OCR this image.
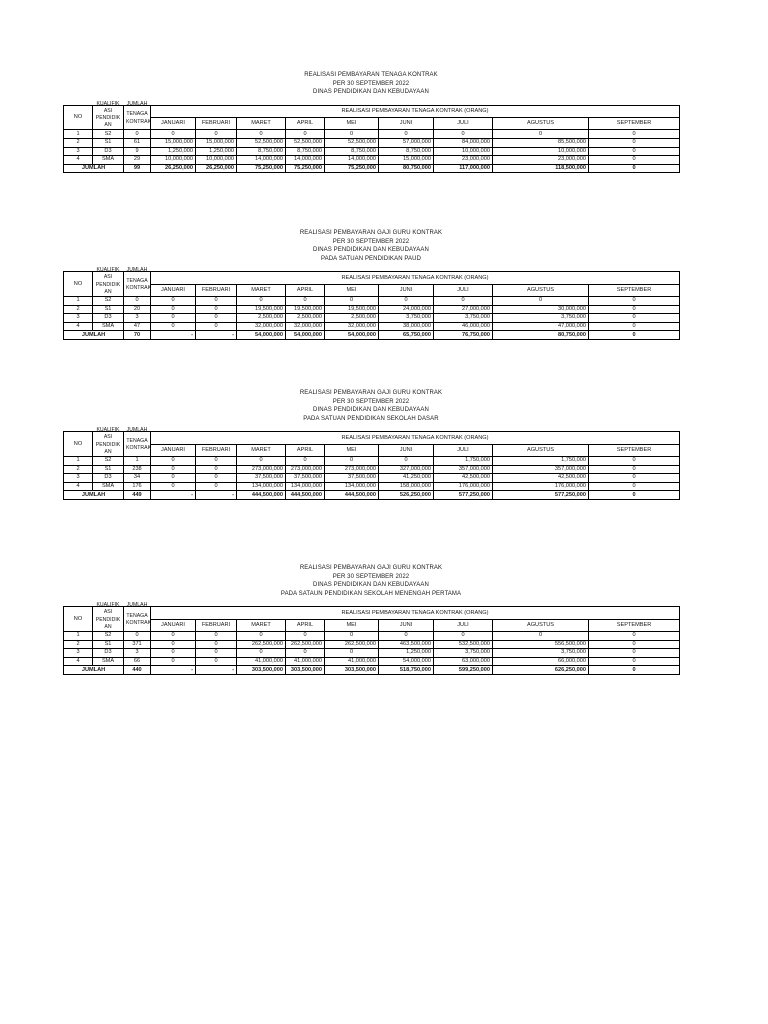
REALISASI PEMBAYARAN TENAGA KONTRAK
PER 30 SEPTEMBER 2022
DINAS PENDIDIKAN DAN KEBUDAYAAN
NO	KUALIFIK
ASI
PENDIDIK
AN	JUMLAH
TENAGA
KONTRAK	REALISASI PEMBAYARAN TENAGA KONTRAK (ORANG)								
			JANUARI	FEBRUARI	MARET	APRIL	MEI	JUNI	JULI	AGUSTUS	SEPTEMBER
1	S2	0	0	0	0	0	0	0	0	0	0
2	S1	61	15,000,000	15,000,000	52,500,000	52,500,000	52,500,000	57,000,000	84,000,000	85,500,000	0
3	D3	9	1,250,000	1,250,000	8,750,000	8,750,000	8,750,000	8,750,000	10,000,000	10,000,000	0
4	SMA	29	10,000,000	10,000,000	14,000,000	14,000,000	14,000,000	15,000,000	23,000,000	23,000,000	0
JUMLAH		99	26,250,000	26,250,000	75,250,000	75,250,000	75,250,000	80,750,000	117,000,000	118,500,000	0
REALISASI PEMBAYARAN GAJI GURU KONTRAK
PER 30 SEPTEMBER 2022
DINAS PENDIDIKAN DAN KEBUDAYAAN
PADA SATUAN PENDIDIKAN PAUD
NO	KUALIFIK
ASI
PENDIDIK
AN	JUMLAH
TENAGA
KONTRAK	REALISASI PEMBAYARAN TENAGA KONTRAK (ORANG)								
			JANUARI	FEBRUARI	MARET	APRIL	MEI	JUNI	JULI	AGUSTUS	SEPTEMBER
1	S2	0	0	0	0	0	0	0	0	0	0
2	S1	20	0	0	19,500,000	19,500,000	19,500,000	24,000,000	27,000,000	30,000,000	0
3	D3	3	0	0	2,500,000	2,500,000	2,500,000	3,750,000	3,750,000	3,750,000	0
4	SMA	47	0	0	32,000,000	32,000,000	32,000,000	38,000,000	46,000,000	47,000,000	0
JUMLAH		70	-	-	54,000,000	54,000,000	54,000,000	65,750,000	76,750,000	80,750,000	0
REALISASI PEMBAYARAN GAJI GURU KONTRAK
PER 30 SEPTEMBER 2022
DINAS PENDIDIKAN DAN KEBUDAYAAN
PADA SATUAN PENDIDIKAN SEKOLAH DASAR
NO	KUALIFIK
ASI
PENDIDIK
AN	JUMLAH
TENAGA
KONTRAK	REALISASI PEMBAYARAN TENAGA KONTRAK (ORANG)								
			JANUARI	FEBRUARI	MARET	APRIL	MEI	JUNI	JULI	AGUSTUS	SEPTEMBER
1	S2	1	0	0	0	0	0	0	1,750,000	1,750,000	0
2	S1	238	0	0	273,000,000	273,000,000	273,000,000	327,000,000	357,000,000	357,000,000	0
3	D3	34	0	0	37,500,000	37,500,000	37,500,000	41,250,000	42,500,000	42,500,000	0
4	SMA	176	0	0	134,000,000	134,000,000	134,000,000	158,000,000	176,000,000	176,000,000	0
JUMLAH		449	-	-	444,500,000	444,500,000	444,500,000	526,250,000	577,250,000	577,250,000	0
REALISASI PEMBAYARAN GAJI GURU KONTRAK
PER 30 SEPTEMBER 2022
DINAS PENDIDIKAN DAN KEBUDAYAAN
PADA SATAUN PENDIDIKAN SEKOLAH MENENGAH PERTAMA
NO	KUALIFIK
ASI
PENDIDIK
AN	JUMLAH
TENAGA
KONTRAK	REALISASI PEMBAYARAN TENAGA KONTRAK (ORANG)								
			JANUARI	FEBRUARI	MARET	APRIL	MEI	JUNI	JULI	AGUSTUS	SEPTEMBER
1	S2	0	0	0	0	0	0	0	0	0	0
2	S1	371	0	0	262,500,000	262,500,000	262,500,000	463,500,000	532,500,000	556,500,000	0
3	D3	3	0	0	0	0	0	1,250,000	3,750,000	3,750,000	0
4	SMA	66	0	0	41,000,000	41,000,000	41,000,000	54,000,000	63,000,000	66,000,000	0
JUMLAH		440	-	-	303,500,000	303,500,000	303,500,000	518,750,000	599,250,000	626,250,000	0
